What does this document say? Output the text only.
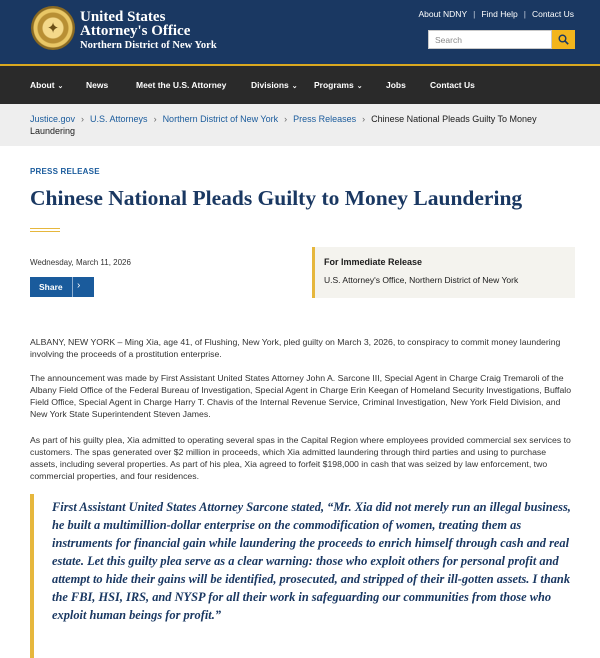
✦
United States
Attorney's Office
Northern District of New York
About NDNY | Find Help | Contact Us
Search
About ⌄	News	Meet the U.S. Attorney	Divisions ⌄ Programs ⌄	Jobs	Contact Us
Justice.gov › U.S. Attorneys › Northern District of New York › Press Releases › Chinese National Pleads Guilty To Money Laundering
PRESS RELEASE
Chinese National Pleads Guilty to Money Laundering
Wednesday, March 11, 2026
Share ›
For Immediate Release
U.S. Attorney's Office, Northern District of New York
ALBANY, NEW YORK – Ming Xia, age 41, of Flushing, New York, pled guilty on March 3, 2026, to conspiracy to commit money laundering involving the proceeds of a prostitution enterprise.
The announcement was made by First Assistant United States Attorney John A. Sarcone III, Special Agent in Charge Craig Tremaroli of the Albany Field Office of the Federal Bureau of Investigation, Special Agent in Charge Erin Keegan of Homeland Security Investigations, Buffalo Field Office, Special Agent in Charge Harry T. Chavis of the Internal Revenue Service, Criminal Investigation, New York Field Division, and New York State Superintendent Steven James.
As part of his guilty plea, Xia admitted to operating several spas in the Capital Region where employees provided commercial sex services to customers. The spas generated over $2 million in proceeds, which Xia admitted laundering through third parties and using to purchase assets, including several properties. As part of his plea, Xia agreed to forfeit $198,000 in cash that was seized by law enforcement, two commercial properties, and four residences.
First Assistant United States Attorney Sarcone stated, “Mr. Xia did not merely run an illegal business, he built a multimillion-dollar enterprise on the commodification of women, treating them as instruments for financial gain while laundering the proceeds to enrich himself through cash and real estate. Let this guilty plea serve as a clear warning: those who exploit others for personal profit and attempt to hide their gains will be identified, prosecuted, and stripped of their ill-gotten assets. I thank the FBI, HSI, IRS, and NYSP for all their work in safeguarding our communities from those who exploit human beings for profit.”
